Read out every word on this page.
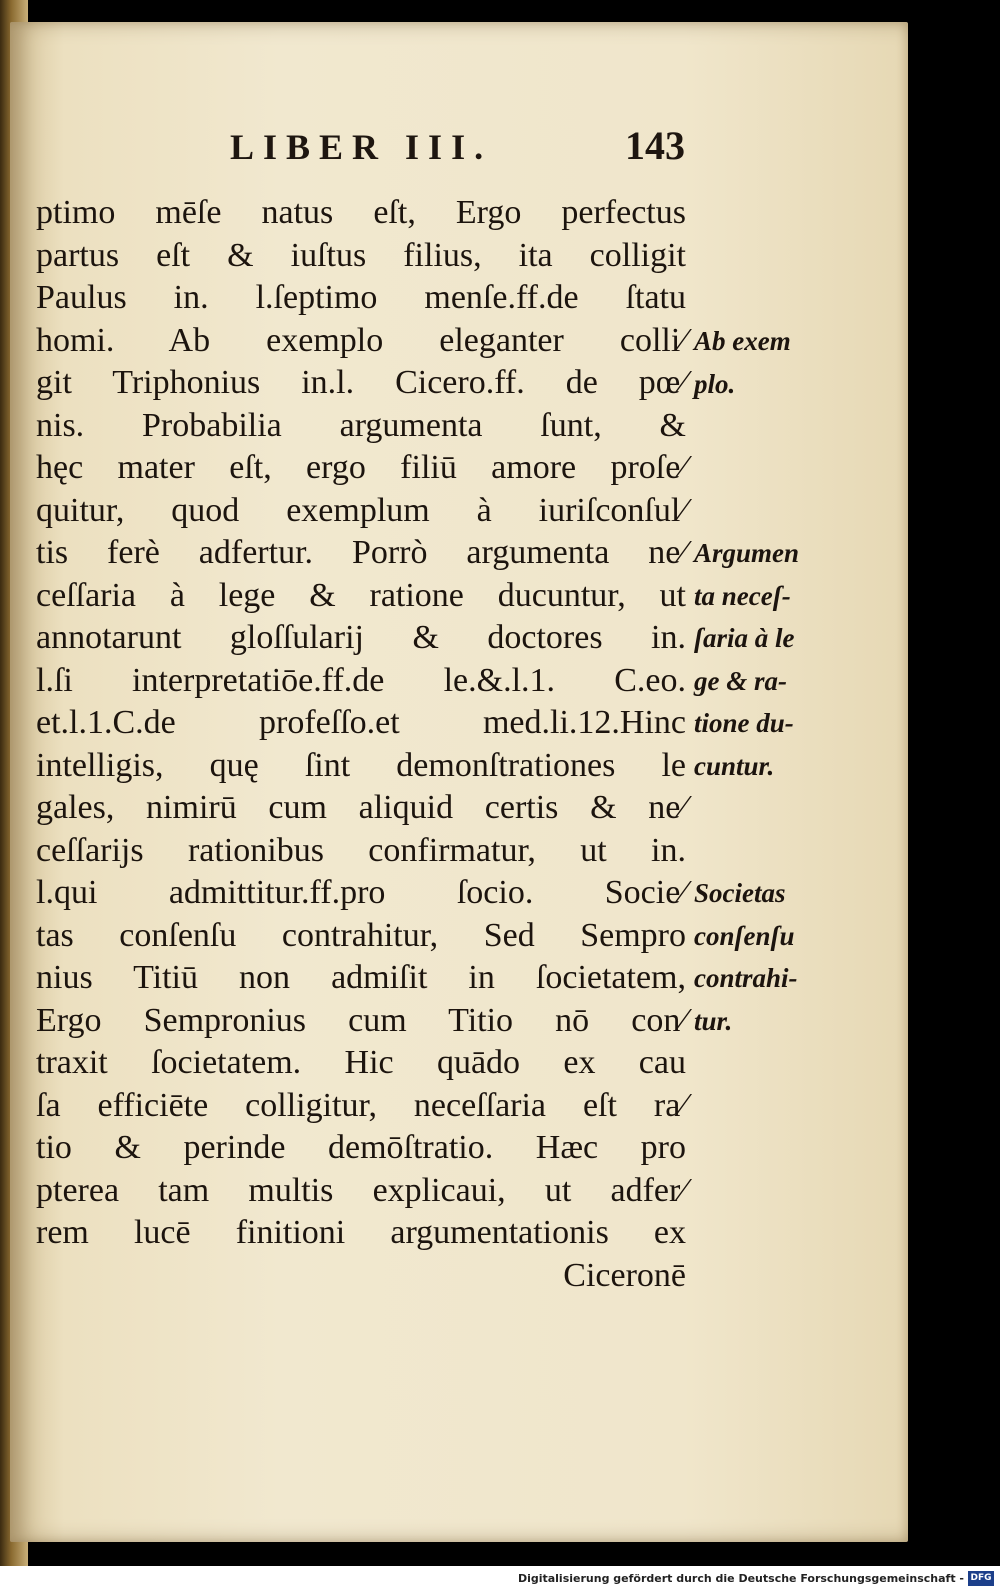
LIBER III.	143
ptimo mēſe natus eſt, Ergo perfectus
partus eſt & iuſtus filius, ita colligit
Paulus in. l.ſeptimo menſe.ff.de ſtatu
homi. Ab exemplo eleganter colli⁄
git Triphonius in.l. Cicero.ff. de pœ⁄
nis. Probabilia argumenta ſunt, &
hęc mater eſt, ergo filiū amore proſe⁄
quitur, quod exemplum à iuriſconſul⁄
tis ferè adfertur. Porrò argumenta ne⁄
ceſſaria à lege & ratione ducuntur, ut
annotarunt gloſſularij & doctores in.
l.ſi interpretatiōe.ff.de le.&.l.1. C.eo.
et.l.1.C.de profeſſo.et med.li.12.Hinc
intelligis, quę ſint demonſtrationes le
gales, nimirū cum aliquid certis & ne⁄
ceſſarijs rationibus confirmatur, ut in.
l.qui admittitur.ff.pro ſocio. Socie⁄
tas conſenſu contrahitur, Sed Sempro
nius Titiū non admiſit in ſocietatem,
Ergo Sempronius cum Titio nō con⁄
traxit ſocietatem. Hic quādo ex cau
ſa efficiēte colligitur, neceſſaria eſt ra⁄
tio & perinde demōſtratio. Hæc pro
pterea tam multis explicaui, ut adfer⁄
rem lucē finitioni argumentationis ex
Ciceronē
Ab exem
plo.
Argumen
ta neceſ-
ſaria à le
ge & ra-
tione du-
cuntur.
Societas
conſenſu
contrahi-
tur.
Digitalisierung gefördert durch die Deutsche Forschungsgemeinschaft - DFG
